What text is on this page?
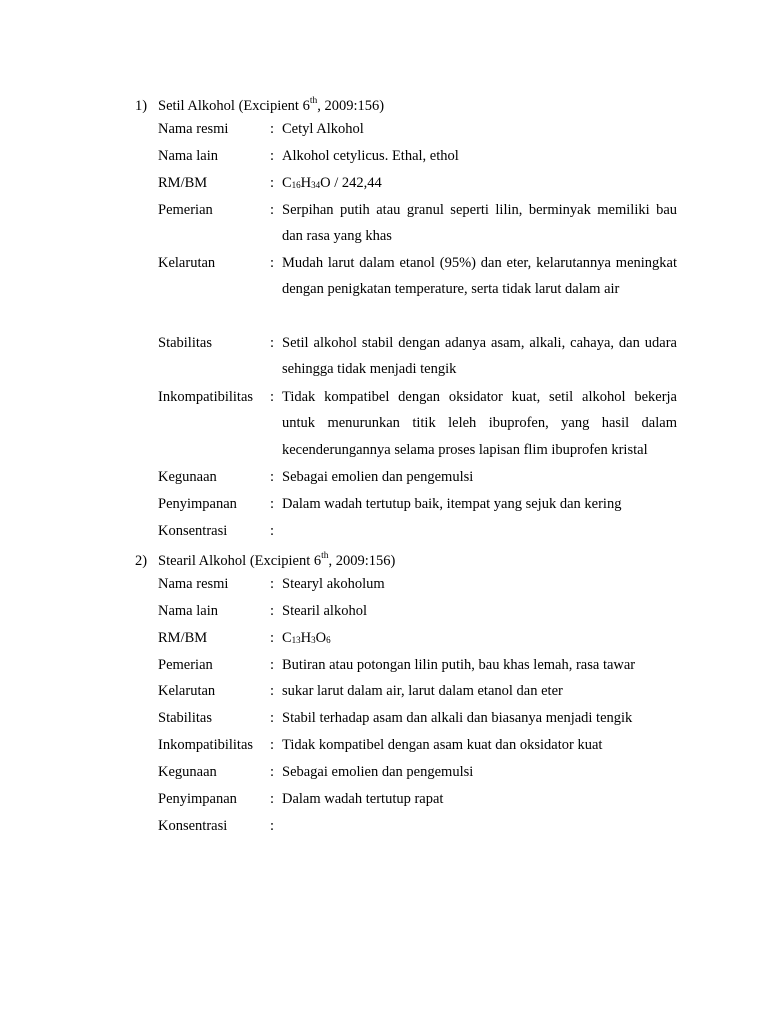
1) Setil Alkohol (Excipient 6th, 2009:156)
Nama resmi	: Cetyl Alkohol
Nama lain	: Alkohol cetylicus. Ethal, ethol
RM/BM	: C16H34O / 242,44
Pemerian	: Serpihan putih atau granul seperti lilin, berminyak memiliki bau dan rasa yang khas
Kelarutan	: Mudah larut dalam etanol (95%) dan eter, kelarutannya meningkat dengan penigkatan temperature, serta tidak larut dalam air
Stabilitas	: Setil alkohol stabil dengan adanya asam, alkali, cahaya, dan udara sehingga tidak menjadi tengik
Inkompatibilitas : Tidak kompatibel dengan oksidator kuat, setil alkohol bekerja untuk menurunkan titik leleh ibuprofen, yang hasil dalam kecenderungannya selama proses lapisan flim ibuprofen kristal
Kegunaan	: Sebagai emolien dan pengemulsi
Penyimpanan : Dalam wadah tertutup baik, itempat yang sejuk dan kering
Konsentrasi	:
2) Stearil Alkohol (Excipient 6th, 2009:156)
Nama resmi	: Stearyl akoholum
Nama lain	: Stearil alkohol
RM/BM	: C13H3O6
Pemerian	: Butiran atau potongan lilin putih, bau khas lemah, rasa tawar
Kelarutan	: sukar larut dalam air, larut dalam etanol dan eter
Stabilitas	: Stabil terhadap asam dan alkali dan biasanya menjadi tengik
Inkompatibilitas : Tidak kompatibel dengan asam kuat dan oksidator kuat
Kegunaan	: Sebagai emolien dan pengemulsi
Penyimpanan : Dalam wadah tertutup rapat
Konsentrasi	:
